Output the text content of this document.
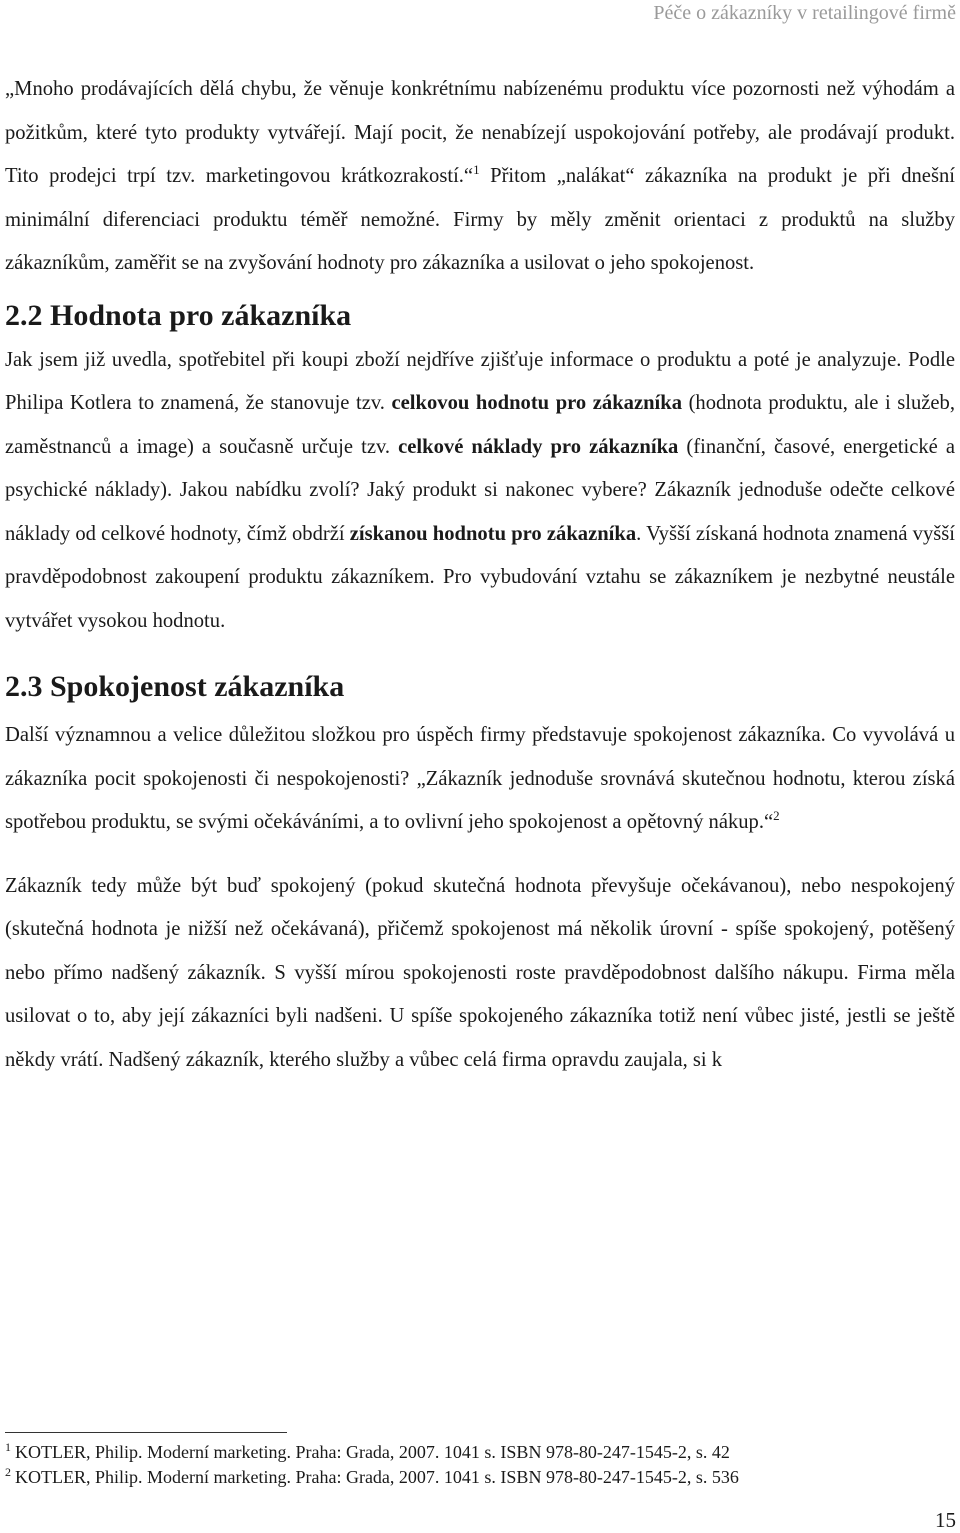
Péče o zákazníky v retailingové firmě

„Mnoho prodávajících dělá chybu, že věnuje konkrétnímu nabízenému produktu více pozornosti než výhodám a požitkům, které tyto produkty vytvářejí. Mají pocit, že nenabízejí uspokojování potřeby, ale prodávají produkt. Tito prodejci trpí tzv. marketingovou krátkozrakostí.“$^1$ Přitom „nalákat“ zákazníka na produkt je při dnešní minimální diferenciaci produktu téměř nemožné. Firmy by měly změnit orientaci z produktů na služby zákazníkům, zaměřit se na zvyšování hodnoty pro zákazníka a usilovat o jeho spokojenost.

2.2 Hodnota pro zákazníka

Jak jsem již uvedla, spotřebitel při koupi zboží nejdříve zjišťuje informace o produktu a poté je analyzuje. Podle Philipa Kotlera to znamená, že stanovuje tzv. celkovou hodnotu pro zákazníka (hodnota produktu, ale i služeb, zaměstnanců a image) a současně určuje tzv. celkové náklady pro zákazníka (finanční, časové, energetické a psychické náklady). Jakou nabídku zvolí? Jaký produkt si nakonec vybere? Zákazník jednoduše odečte celkové náklady od celkové hodnoty, čímž obdrží získanou hodnotu pro zákazníka. Vyšší získaná hodnota znamená vyšší pravděpodobnost zakoupení produktu zákazníkem. Pro vybudování vztahu se zákazníkem je nezbytné neustále vytvářet vysokou hodnotu.

2.3 Spokojenost zákazníka

Další významnou a velice důležitou složkou pro úspěch firmy představuje spokojenost zákazníka. Co vyvolává u zákazníka pocit spokojenosti či nespokojenosti? „Zákazník jednoduše srovnává skutečnou hodnotu, kterou získá spotřebou produktu, se svými očekáváními, a to ovlivní jeho spokojenost a opětovný nákup.“$^2$

Zákazník tedy může být buď spokojený (pokud skutečná hodnota převyšuje očekávanou), nebo nespokojený (skutečná hodnota je nižší než očekávaná), přičemž spokojenost má několik úrovní - spíše spokojený, potěšený nebo přímo nadšený zákazník. S vyšší mírou spokojenosti roste pravděpodobnost dalšího nákupu. Firma měla usilovat o to, aby její zákazníci byli nadšeni. U spíše spokojeného zákazníka totiž není vůbec jisté, jestli se ještě někdy vrátí. Nadšený zákazník, kterého služby a vůbec celá firma opravdu zaujala, si k

$^1$ KOTLER, Philip. Moderní marketing. Praha: Grada, 2007. 1041 s. ISBN 978-80-247-1545-2, s. 42
$^2$ KOTLER, Philip. Moderní marketing. Praha: Grada, 2007. 1041 s. ISBN 978-80-247-1545-2, s. 536
15
